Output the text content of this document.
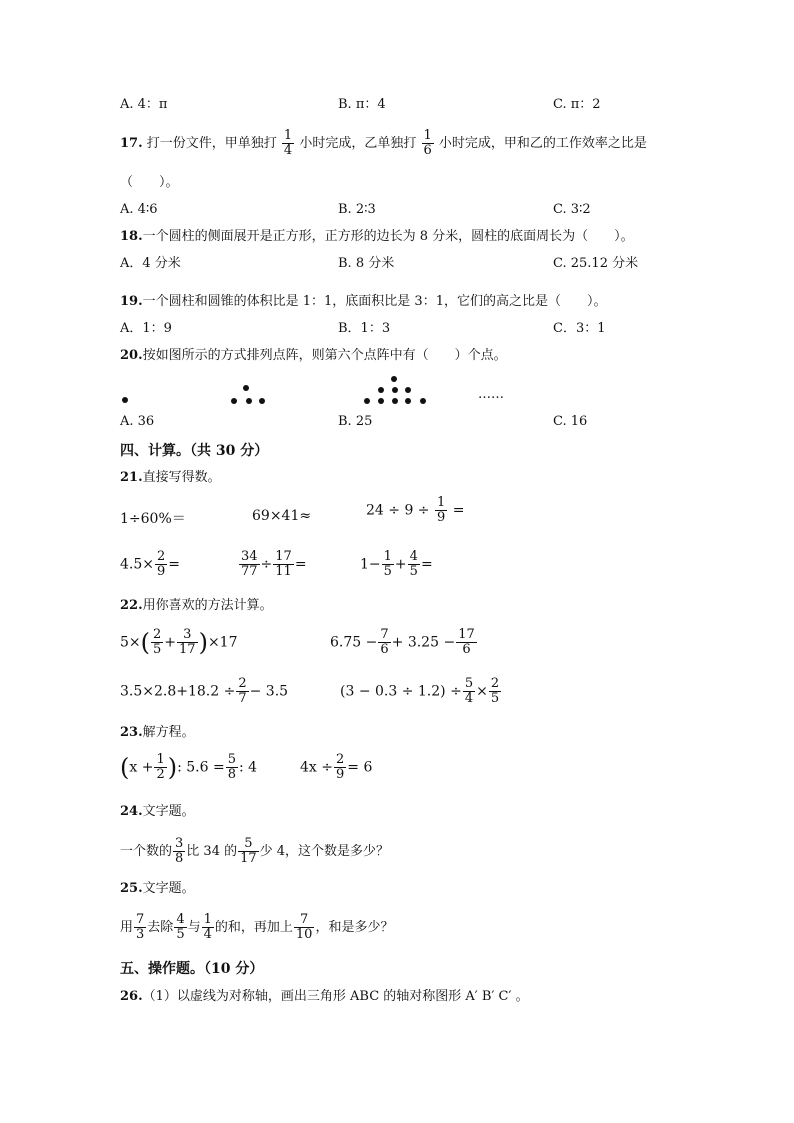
A. 4：π	B. π：4	C. π：2
17. 打一份文件，甲单独打 $\frac{1}{4}$ 小时完成，乙单独打 $\frac{1}{6}$ 小时完成，甲和乙的工作效率之比是
（　　）。
A. 4∶6	B. 2∶3	C. 3∶2
18.一个圆柱的侧面展开是正方形，正方形的边长为 8 分米，圆柱的底面周长为（　　）。
A．4 分米	B. 8 分米	C. 25.12 分米
19.一个圆柱和圆锥的体积比是 1：1，底面积比是 3：1，它们的高之比是（　　）。
A．1：9	B．1：3	C．3：1
20.按如图所示的方式排列点阵，则第六个点阵中有（　　）个点。
……
A. 36	B. 25	C. 16
四、计算。（共 30 分）
21.直接写得数。
1÷60%＝	69×41≈	$24 \div 9 \div \frac{1}{9}$ =
$4.5\times \frac{2}{9}$ =	$\frac{34}{77} \div \frac{17}{11}$ =	$1- \frac{1}{5} + \frac{4}{5}$ =
22.用你喜欢的方法计算。
$5\times( \frac{2}{5} + \frac{3}{17} )\times 17$	$6.75 - \frac{7}{6} + 3.25 - \frac{17}{6}$
$3.5\times 2.8+18.2 \div \frac{2}{7} - 3.5$	$(3 - 0.3 \div 1.2) \div \frac{5}{4} \times \frac{2}{5}$
23.解方程。
($x + \frac{1}{2}$ ): $5.6 = \frac{5}{8}$ : 4	$4x \div \frac{2}{9} = 6$
24.文字题。
一个数的 $\frac{3}{8}$ 比 34 的 $\frac{5}{17}$ 少 4，这个数是多少？
25.文字题。
用 $\frac{7}{3}$ 去除 $\frac{4}{5}$ 与 $\frac{1}{4}$ 的和，再加上 $\frac{7}{10}$ ，和是多少？
五、操作题。（10 分）
26.（1）以虚线为对称轴，画出三角形 ABC 的轴对称图形 A′ B′ C′ 。
